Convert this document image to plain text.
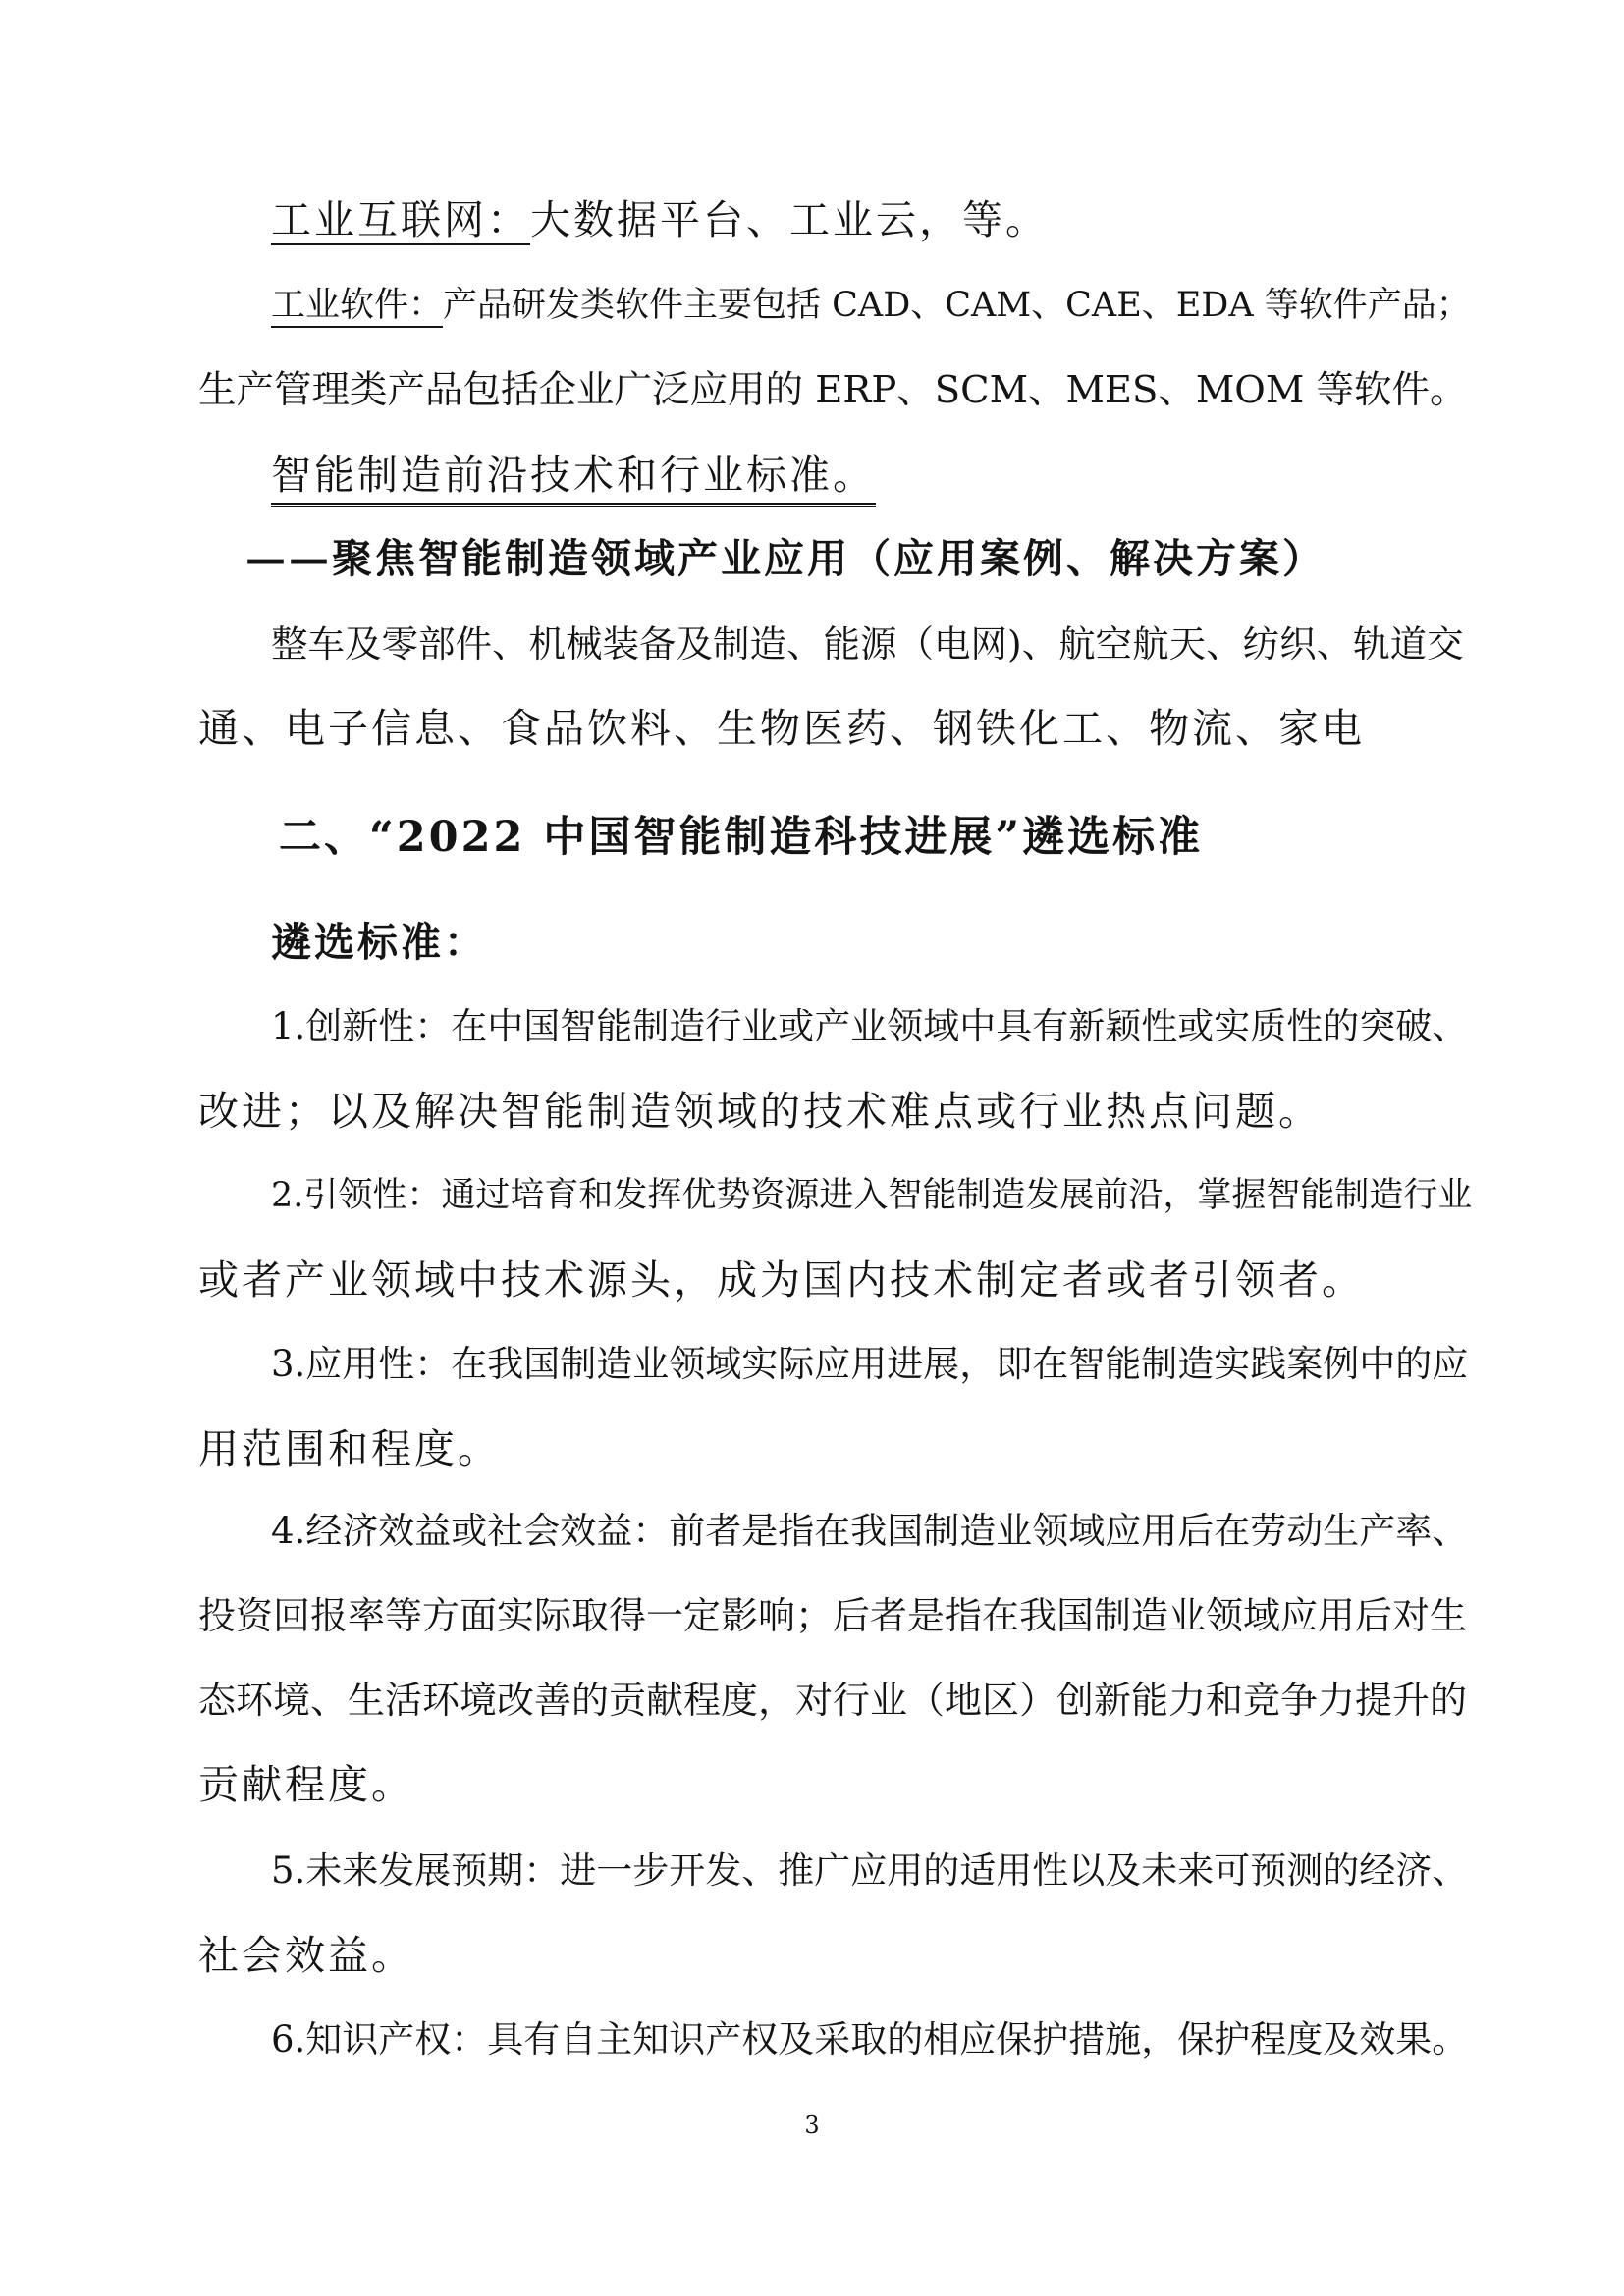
工业互联网：大数据平台、工业云，等。
工业软件：产品研发类软件主要包括 CAD、CAM、CAE、EDA 等软件产品；
生产管理类产品包括企业广泛应用的 ERP、SCM、MES、MOM 等软件。
智能制造前沿技术和行业标准。
——聚焦智能制造领域产业应用（应用案例、解决方案）
整车及零部件、机械装备及制造、能源（电网)、航空航天、纺织、轨道交
通、电子信息、食品饮料、生物医药、钢铁化工、物流、家电
二、“2022 中国智能制造科技进展”遴选标准
遴选标准：
1.创新性：在中国智能制造行业或产业领域中具有新颖性或实质性的突破、
改进；以及解决智能制造领域的技术难点或行业热点问题。
2.引领性：通过培育和发挥优势资源进入智能制造发展前沿，掌握智能制造行业
或者产业领域中技术源头，成为国内技术制定者或者引领者。
3.应用性：在我国制造业领域实际应用进展，即在智能制造实践案例中的应
用范围和程度。
4.经济效益或社会效益：前者是指在我国制造业领域应用后在劳动生产率、
投资回报率等方面实际取得一定影响；后者是指在我国制造业领域应用后对生
态环境、生活环境改善的贡献程度，对行业（地区）创新能力和竞争力提升的
贡献程度。
5.未来发展预期：进一步开发、推广应用的适用性以及未来可预测的经济、
社会效益。
3
6.知识产权：具有自主知识产权及采取的相应保护措施，保护程度及效果。
